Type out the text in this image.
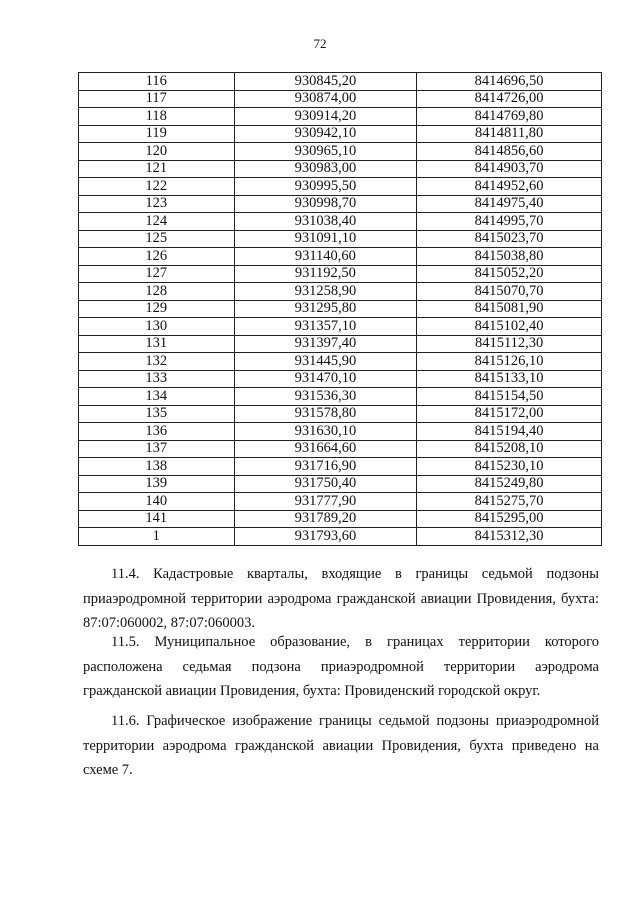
72
116	930845,20	8414696,50
117	930874,00	8414726,00
118	930914,20	8414769,80
119	930942,10	8414811,80
120	930965,10	8414856,60
121	930983,00	8414903,70
122	930995,50	8414952,60
123	930998,70	8414975,40
124	931038,40	8414995,70
125	931091,10	8415023,70
126	931140,60	8415038,80
127	931192,50	8415052,20
128	931258,90	8415070,70
129	931295,80	8415081,90
130	931357,10	8415102,40
131	931397,40	8415112,30
132	931445,90	8415126,10
133	931470,10	8415133,10
134	931536,30	8415154,50
135	931578,80	8415172,00
136	931630,10	8415194,40
137	931664,60	8415208,10
138	931716,90	8415230,10
139	931750,40	8415249,80
140	931777,90	8415275,70
141	931789,20	8415295,00
1	931793,60	8415312,30

11.4. Кадастровые кварталы, входящие в границы седьмой подзоны приаэродромной территории аэродрома гражданской авиации Провидения, бухта: 87:07:060002, 87:07:060003.

11.5. Муниципальное образование, в границах территории которого расположена седьмая подзона приаэродромной территории аэродрома гражданской авиации Провидения, бухта: Провиденский городской округ.

11.6. Графическое изображение границы седьмой подзоны приаэродромной территории аэродрома гражданской авиации Провидения, бухта приведено на схеме 7.
